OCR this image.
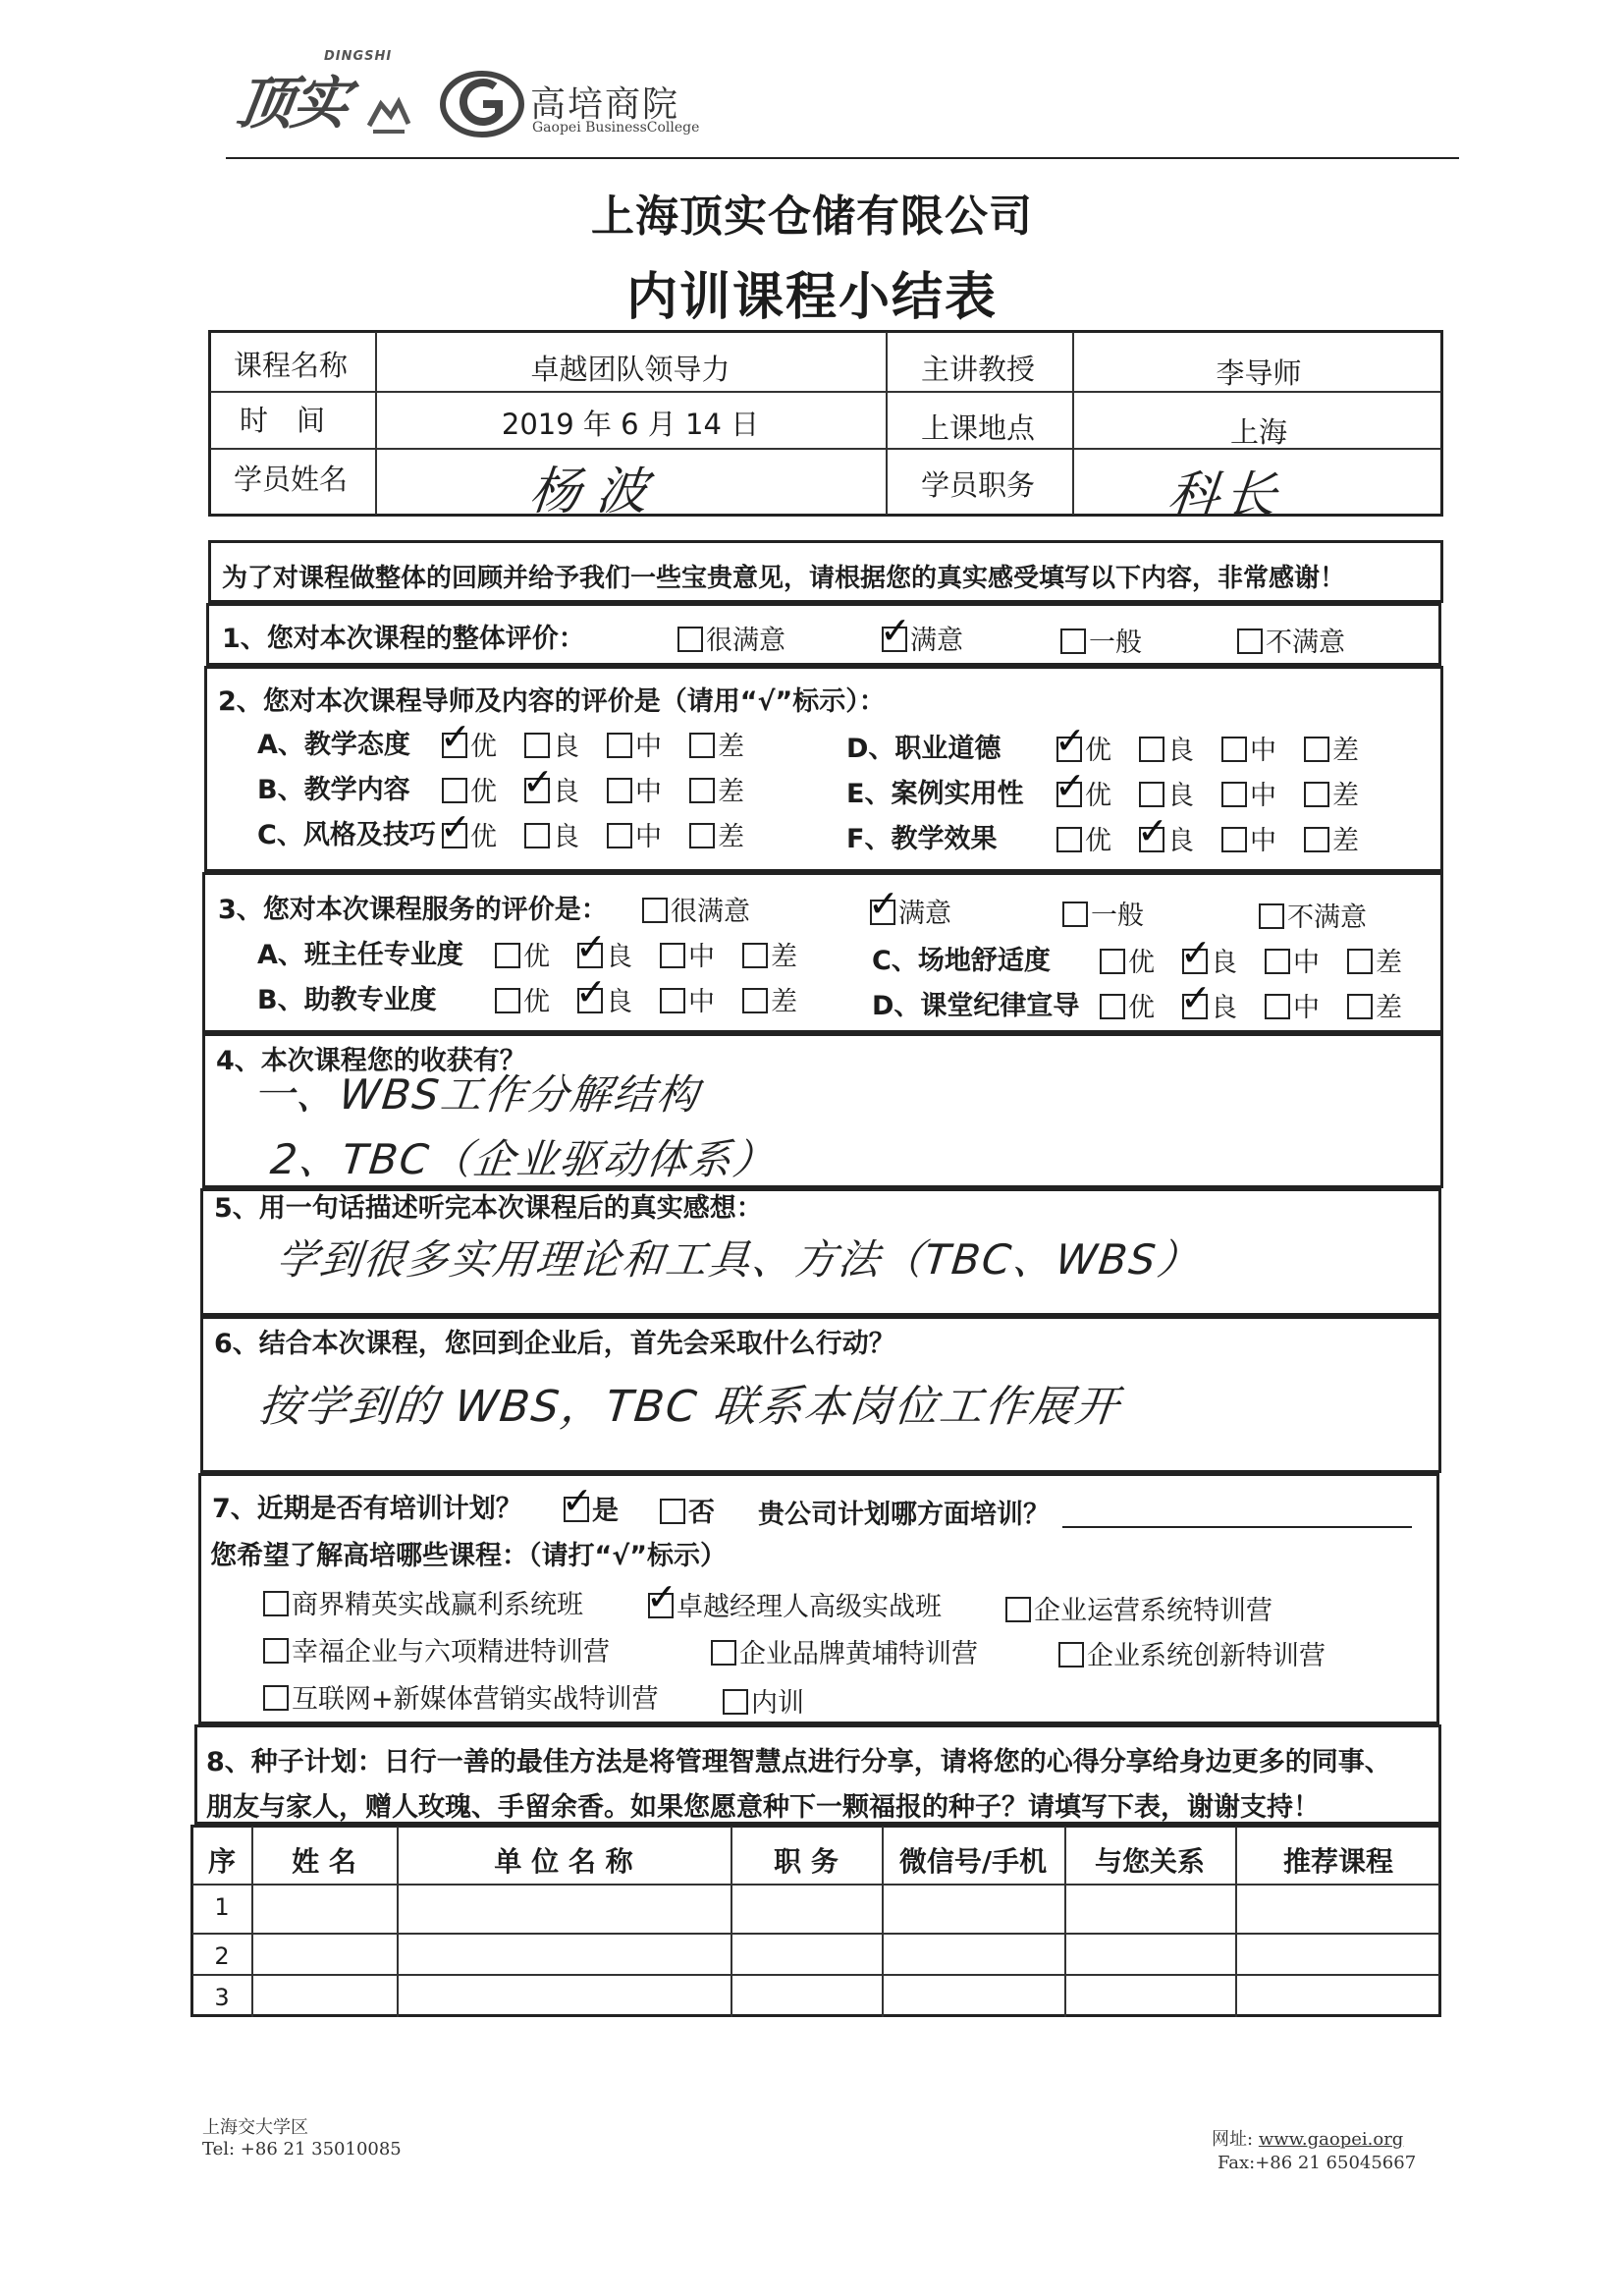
DINGSHI
顶实	高培商院
Gaopei BusinessCollege
上海顶实仓储有限公司
内训课程小结表
课程名称	卓越团队领导力	主讲教授	李导师
时　间	2019 年 6 月 14 日	上课地点	上海
学员姓名	杨波	学员职务	科长
为了对课程做整体的回顾并给予我们一些宝贵意见，请根据您的真实感受填写以下内容，非常感谢！
1、您对本次课程的整体评价：	很满意	✓ 满意	一般	不满意
2、您对本次课程导师及内容的评价是（请用“√”标示）：
A、教学态度 ✓ 优	良	中	差
B、教学内容	优 ✓ 良	中	差
C、风格及技巧 ✓ 优	良	中	差
D、职业道德 ✓ 优	良	中	差
E、案例实用性 ✓ 优	良	中	差
F、教学效果	优 ✓ 良	中	差
3、您对本次课程服务的评价是：	很满意	✓ 满意	一般	不满意
A、班主任专业度	优 ✓ 良	中	差
B、助教专业度	优 ✓ 良	中	差
C、场地舒适度	优 ✓ 良	中	差
D、课堂纪律宣导	优 ✓ 良	中	差
4、本次课程您的收获有？
一、WBS工作分解结构
2、TBC（企业驱动体系）
5、用一句话描述听完本次课程后的真实感想：
学到很多实用理论和工具、方法（TBC、WBS）
6、结合本次课程，您回到企业后，首先会采取什么行动？
按学到的 WBS，TBC 联系本岗位工作展开
7、近期是否有培训计划？ ✓ 是	否 贵公司计划哪方面培训？
您希望了解高培哪些课程：（请打“√”标示）
商界精英实战赢利系统班 ✓ 卓越经理人高级实战班	企业运营系统特训营
幸福企业与六项精进特训营	企业品牌黄埔特训营	企业系统创新特训营
互联网+新媒体营销实战特训营	内训
8、种子计划：日行一善的最佳方法是将管理智慧点进行分享，请将您的心得分享给身边更多的同事、
朋友与家人，赠人玫瑰、手留余香。如果您愿意种下一颗福报的种子？请填写下表，谢谢支持！
序	姓 名	单 位 名 称	职 务	微信号/手机	与您关系	推荐课程
1
2
3
上海交大学区
Tel: +86 21 35010085	网址: www.gaopei.org
Fax:+86 21 65045667
